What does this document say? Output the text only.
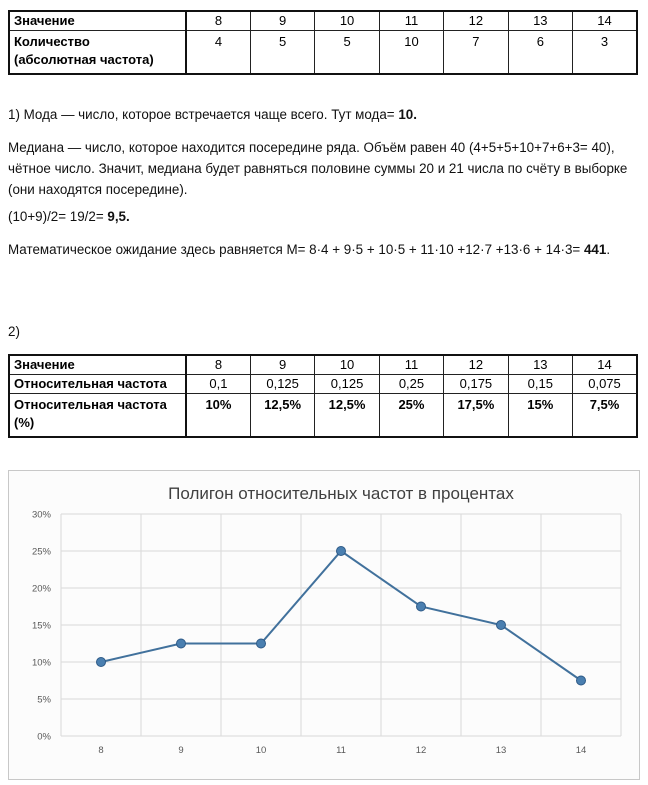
Значение	8	9	10	11	12	13	14
Количество
(абсолютная частота)	4	5	5	10	7	6	3

1) Мода — число, которое встречается чаще всего. Тут мода= 10.

Медиана — число, которое находится посередине ряда. Объём равен 40 (4+5+5+10+7+6+3= 40), чётное число. Значит, медиана будет равняться половине суммы 20 и 21 числа по счёту в выборке (они находятся посередине).

(10+9)/2= 19/2= 9,5.

Математическое ожидание здесь равняется M= 8·4 + 9·5 + 10·5 + 11·10 +12·7 +13·6 + 14·3= 441.

2)

Значение	8	9	10	11	12	13	14
Относительная частота	0,1	0,125	0,125	0,25	0,175	0,15	0,075
Относительная частота
(%)	10%	12,5%	12,5%	25%	17,5%	15%	7,5%
Полигон относительных частот в процентах
0%
5%
10%
15%
20%
25%
30%
8	9	10	11	12	13	14
